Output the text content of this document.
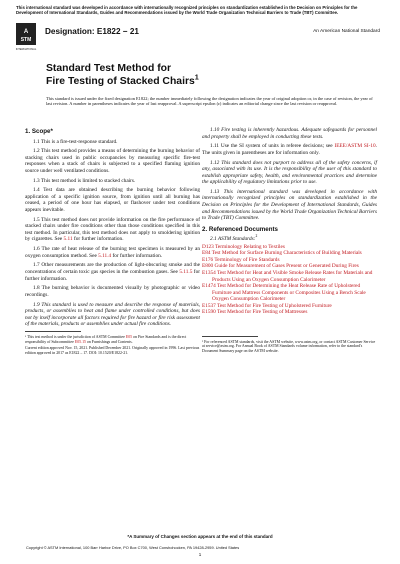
This international standard was developed in accordance with internationally recognized principles on standardization established in the Decision on Principles for the Development of International Standards, Guides and Recommendations issued by the World Trade Organization Technical Barriers to Trade (TBT) Committee.
A
STM
INTERNATIONAL
Designation: E1822 − 21	An American National Standard
Standard Test Method for
Fire Testing of Stacked Chairs$^1$
This standard is issued under the fixed designation E1822; the number immediately following the designation indicates the year of original adoption or, in the case of revision, the year of last revision. A number in parentheses indicates the year of last reapproval. A superscript epsilon (ε) indicates an editorial change since the last revision or reapproval.
1. Scope*
1.1 This is a fire-test-response standard.
1.2 This test method provides a means of determining the burning behavior of stacking chairs used in public occupancies by measuring specific fire-test responses when a stack of chairs is subjected to a specified flaming ignition source under well ventilated conditions.
1.3 This test method is limited to stacked chairs.
1.4 Test data are obtained describing the burning behavior following application of a specific ignition source, from ignition until all burning has ceased, a period of one hour has elapsed, or flashover under test conditions appears inevitable.
1.5 This test method does not provide information on the fire performance of stacked chairs under fire conditions other than those conditions specified in this test method. In particular, this test method does not apply to smoldering ignition by cigarettes. See 5.11 for further information.
1.6 The rate of heat release of the burning test specimen is measured by an oxygen consumption method. See 5.11.4 for further information.
1.7 Other measurements are the production of light-obscuring smoke and the concentrations of certain toxic gas species in the combustion gases. See 5.11.5 for further information.
1.8 The burning behavior is documented visually by photographic or video recordings.
1.9 This standard is used to measure and describe the response of materials, products, or assemblies to heat and flame under controlled conditions, but does not by itself incorporate all factors required for fire hazard or fire risk assessment of the materials, products or assemblies under actual fire conditions.
¹ This test method is under the jurisdiction of ASTM Committee E05 on Fire Standards and is the direct responsibility of Subcommittee E05.15 on Furnishings and Contents.
Current edition approved Nov. 15, 2021. Published December 2021. Originally approved in 1996. Last previous edition approved in 2017 as E1822 – 17. DOI: 10.1520/E1822-21.
1.10 Fire testing is inherently hazardous. Adequate safeguards for personnel and property shall be employed in conducting these tests.
1.11 Use the SI system of units in referee decisions; see IEEE/ASTM SI-10. The units given in parentheses are for information only.
1.12 This standard does not purport to address all of the safety concerns, if any, associated with its use. It is the responsibility of the user of this standard to establish appropriate safety, health, and environmental practices and determine the applicability of regulatory limitations prior to use.
1.13 This international standard was developed in accordance with internationally recognized principles on standardization established in the Decision on Principles for the Development of International Standards, Guides and Recommendations issued by the World Trade Organization Technical Barriers to Trade (TBT) Committee.
2. Referenced Documents
2.1 ASTM Standards:$^2$
D123 Terminology Relating to Textiles
E84 Test Method for Surface Burning Characteristics of Building Materials
E176 Terminology of Fire Standards
E800 Guide for Measurement of Gases Present or Generated During Fires
E1354 Test Method for Heat and Visible Smoke Release Rates for Materials and Products Using an Oxygen Consumption Calorimeter
E1474 Test Method for Determining the Heat Release Rate of Upholstered Furniture and Mattress Components or Composites Using a Bench Scale Oxygen Consumption Calorimeter
E1537 Test Method for Fire Testing of Upholstered Furniture
E1590 Test Method for Fire Testing of Mattresses
² For referenced ASTM standards, visit the ASTM website, www.astm.org, or contact ASTM Customer Service at service@astm.org. For Annual Book of ASTM Standards volume information, refer to the standard's Document Summary page on the ASTM website.
*A Summary of Changes section appears at the end of this standard
Copyright © ASTM International, 100 Barr Harbor Drive, PO Box C700, West Conshohocken, PA 19428-2959. United States
1
